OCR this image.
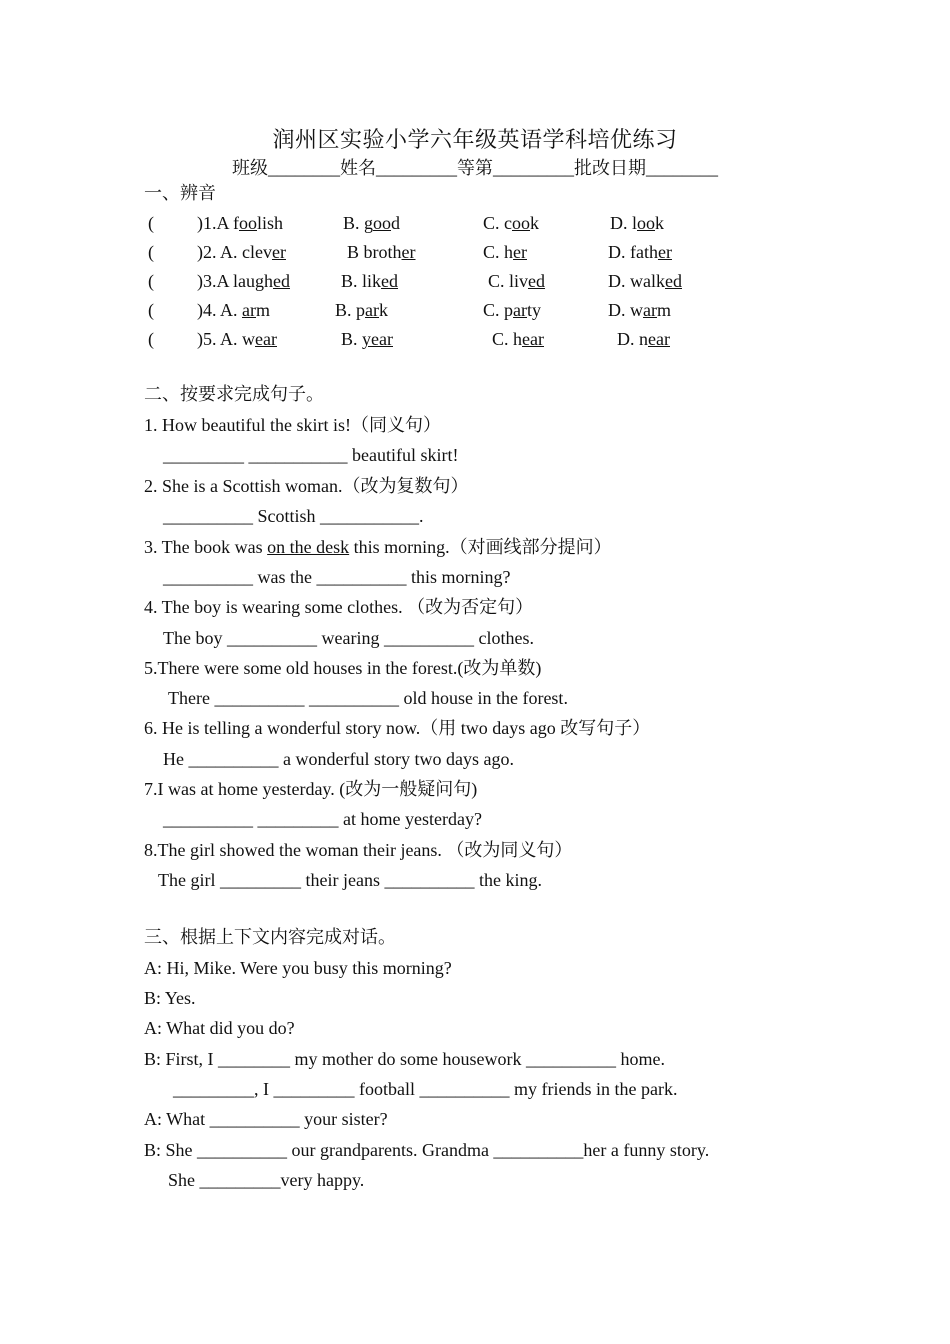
润州区实验小学六年级英语学科培优练习
班级________姓名_________等第_________批改日期________
一、辨音
( )1.A foolish	B. good	C. cook	D. look
( )2. A. clever	B brother	C. her	D. father
( )3.A laughed	B. liked	C. lived	D. walked
( )4. A. arm	B. park	C. party	D. warm
( )5. A. wear	B. year	C. hear	D. near
二、按要求完成句子。
1. How beautiful the skirt is!（同义句）
_________ ___________ beautiful skirt!
2. She is a Scottish woman.（改为复数句）
__________ Scottish ___________.
3. The book was on the desk this morning.（对画线部分提问）
__________ was the __________ this morning?
4. The boy is wearing some clothes. （改为否定句）
The boy __________ wearing __________ clothes.
5.There were some old houses in the forest.(改为单数)
There __________ __________ old house in the forest.
6. He is telling a wonderful story now.（用 two days ago 改写句子）
He __________ a wonderful story two days ago.
7.I was at home yesterday. (改为一般疑问句)
__________ _________ at home yesterday?
8.The girl showed the woman their jeans. （改为同义句）
The girl _________ their jeans __________ the king.
三、根据上下文内容完成对话。
A: Hi, Mike. Were you busy this morning?
B: Yes.
A: What did you do?
B: First, I ________ my mother do some housework __________ home.
_________, I _________ football __________ my friends in the park.
A: What __________ your sister?
B: She __________ our grandparents. Grandma __________her a funny story.
She _________very happy.
